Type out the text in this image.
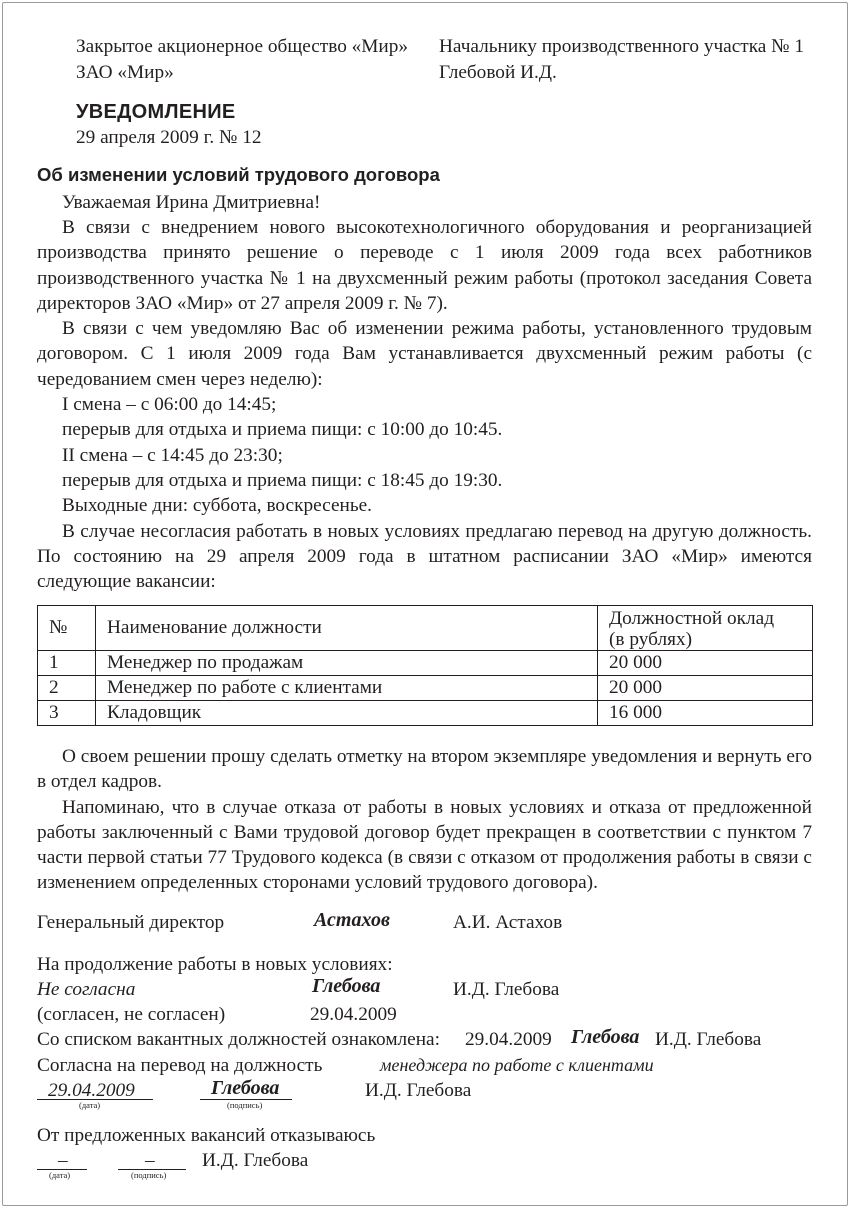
Закрытое акционерное общество «Мир»
ЗАО «Мир»
Начальнику производственного участка № 1
Глебовой И.Д.
УВЕДОМЛЕНИЕ
29 апреля 2009 г. № 12
Об изменении условий трудового договора
Уважаемая Ирина Дмитриевна!

В связи с внедрением нового высокотехнологичного оборудования и реорганизацией производства принято решение о переводе с 1 июля 2009 года всех работников производственного участка № 1 на двухсменный режим работы (протокол заседания Совета директоров ЗАО «Мир» от 27 апреля 2009 г. № 7).

В связи с чем уведомляю Вас об изменении режима работы, установленного трудовым договором. С 1 июля 2009 года Вам устанавливается двухсменный режим работы (с чередованием смен через неделю):

I смена – с 06:00 до 14:45;

перерыв для отдыха и приема пищи: с 10:00 до 10:45.

II смена – с 14:45 до 23:30;

перерыв для отдыха и приема пищи: с 18:45 до 19:30.

Выходные дни: суббота, воскресенье.

В случае несогласия работать в новых условиях предлагаю перевод на другую должность. По состоянию на 29 апреля 2009 года в штатном расписании ЗАО «Мир» имеются следующие вакансии:

№	Наименование должности	Должностной оклад (в рублях)

1	Менеджер по продажам	20 000
2	Менеджер по работе с клиентами	20 000
3	Кладовщик	16 000

О своем решении прошу сделать отметку на втором экземпляре уведомления и вернуть его в отдел кадров.

Напоминаю, что в случае отказа от работы в новых условиях и отказа от предложенной работы заключенный с Вами трудовой договор будет прекращен в соответствии с пунктом 7 части первой статьи 77 Трудового кодекса (в связи с отказом от продолжения работы в связи с изменением определенных сторонами условий трудового договора).

Генеральный директор	Астахов	А.И. Астахов
На продолжение работы в новых условиях:
Не согласна	Глебова	И.Д. Глебова
(согласен, не согласен)	29.04.2009
Со списком вакантных должностей ознакомлена: 29.04.2009 Глебова И.Д. Глебова
Согласна на перевод на должность	менеджера по работе с клиентами
29.04.2009
(дата)
Глебова
(подпись)
И.Д. Глебова
От предложенных вакансий отказываюсь
–
(дата)
–
(подпись)
И.Д. Глебова
